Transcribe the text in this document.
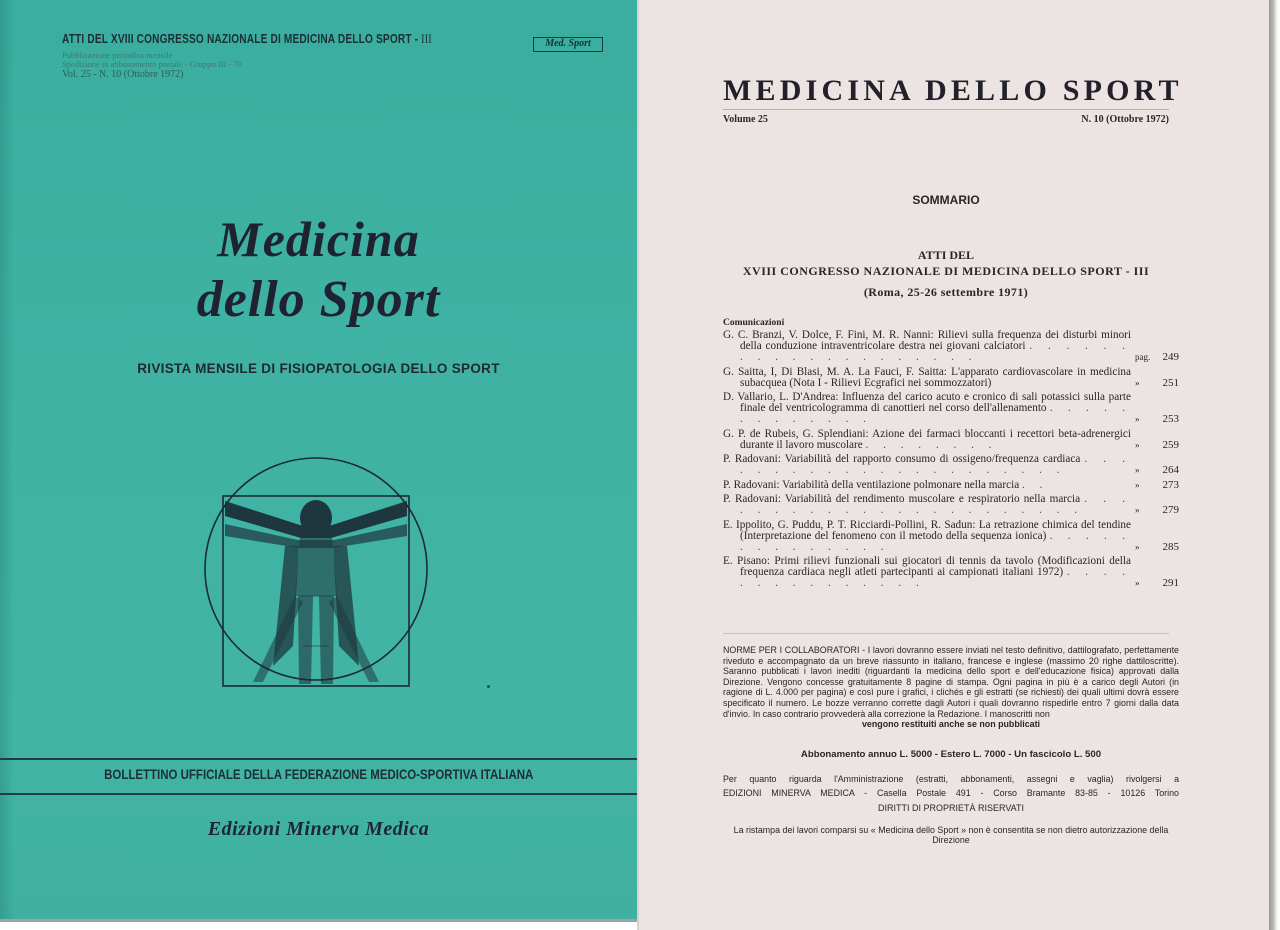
ATTI DEL XVIII CONGRESSO NAZIONALE DI MEDICINA DELLO SPORT - III
Pubblicazione periodica mensile
Spedizione in abbonamento postale - Gruppo III - 70
Vol. 25 - N. 10 (Ottobre 1972)
Med. Sport
Medicina
dello Sport
RIVISTA MENSILE DI FISIOPATOLOGIA DELLO SPORT
BOLLETTINO UFFICIALE DELLA FEDERAZIONE MEDICO-SPORTIVA ITALIANA
Edizioni Minerva Medica
MEDICINA DELLO SPORT
Volume 25	N. 10 (Ottobre 1972)
SOMMARIO
ATTI DEL
XVIII CONGRESSO NAZIONALE DI MEDICINA DELLO SPORT - III
(Roma, 25-26 settembre 1971)
Comunicazioni
G. C. Branzi, V. Dolce, F. Fini, M. R. Nanni: Rilievi sulla frequenza dei disturbi minori della conduzione intraventricolare destra nei giovani calciatori . . . . . . . . . . . . . . . . . . . .	pag. 249
G. Saitta, I, Di Blasi, M. A. La Fauci, F. Saitta: L'apparato cardiovascolare in medicina subacquea (Nota I - Rilievi Ecgrafici nei sommozzatori)	» 251
D. Vallario, L. D'Andrea: Influenza del carico acuto e cronico di sali potassici sulla parte finale del ventricologramma di canottieri nel corso dell'allenamento . . . . . . . . . . . . .	» 253
G. P. de Rubeis, G. Splendiani: Azione dei farmaci bloccanti i recettori beta-adrenergici durante il lavoro muscolare . . . . . . . .	» 259
P. Radovani: Variabilità del rapporto consumo di ossigeno/frequenza cardiaca . . . . . . . . . . . . . . . . . . . . . .	» 264
P. Radovani: Variabilità della ventilazione polmonare nella marcia . .	» 273
P. Radovani: Variabilità del rendimento muscolare e respiratorio nella marcia . . . . . . . . . . . . . . . . . . . . . . .	» 279
E. Ippolito, G. Puddu, P. T. Ricciardi-Pollini, R. Sadun: La retrazione chimica del tendine (Interpretazione del fenomeno con il metodo della sequenza ionica) . . . . . . . . . . . . . .	» 285
E. Pisano: Primi rilievi funzionali sui giocatori di tennis da tavolo (Modificazioni della frequenza cardiaca negli atleti partecipanti ai campionati italiani 1972) . . . . . . . . . . . . . . .	» 291
NORME PER I COLLABORATORI - I lavori dovranno essere inviati nel testo definitivo, dattilografato, perfettamente riveduto e accompagnato da un breve riassunto in italiano, francese e inglese (massimo 20 righe dattiloscritte). Saranno pubblicati i lavori inediti (riguardanti la medicina dello sport e dell'educazione fisica) approvati dalla Direzione. Vengono concesse gratuitamente 8 pagine di stampa. Ogni pagina in più è a carico degli Autori (in ragione di L. 4.000 per pagina) e così pure i grafici, i clichés e gli estratti (se richiesti) dei quali ultimi dovrà essere specificato il numero. Le bozze verranno corrette dagli Autori i quali dovranno rispedirle entro 7 giorni dalla data d'invio. In caso contrario provvederà alla correzione la Redazione. I manoscritti non
vengono restituiti anche se non pubblicati
Abbonamento annuo L. 5000 - Estero L. 7000 - Un fascicolo L. 500
Per quanto riguarda l'Amministrazione (estratti, abbonamenti, assegni e vaglia) rivolgersi a
EDIZIONI MINERVA MEDICA - Casella Postale 491 - Corso Bramante 83-85 - 10126 Torino
DIRITTI DI PROPRIETÀ RISERVATI
La ristampa dei lavori comparsi su « Medicina dello Sport » non è consentita se non dietro autorizzazione della Direzione
